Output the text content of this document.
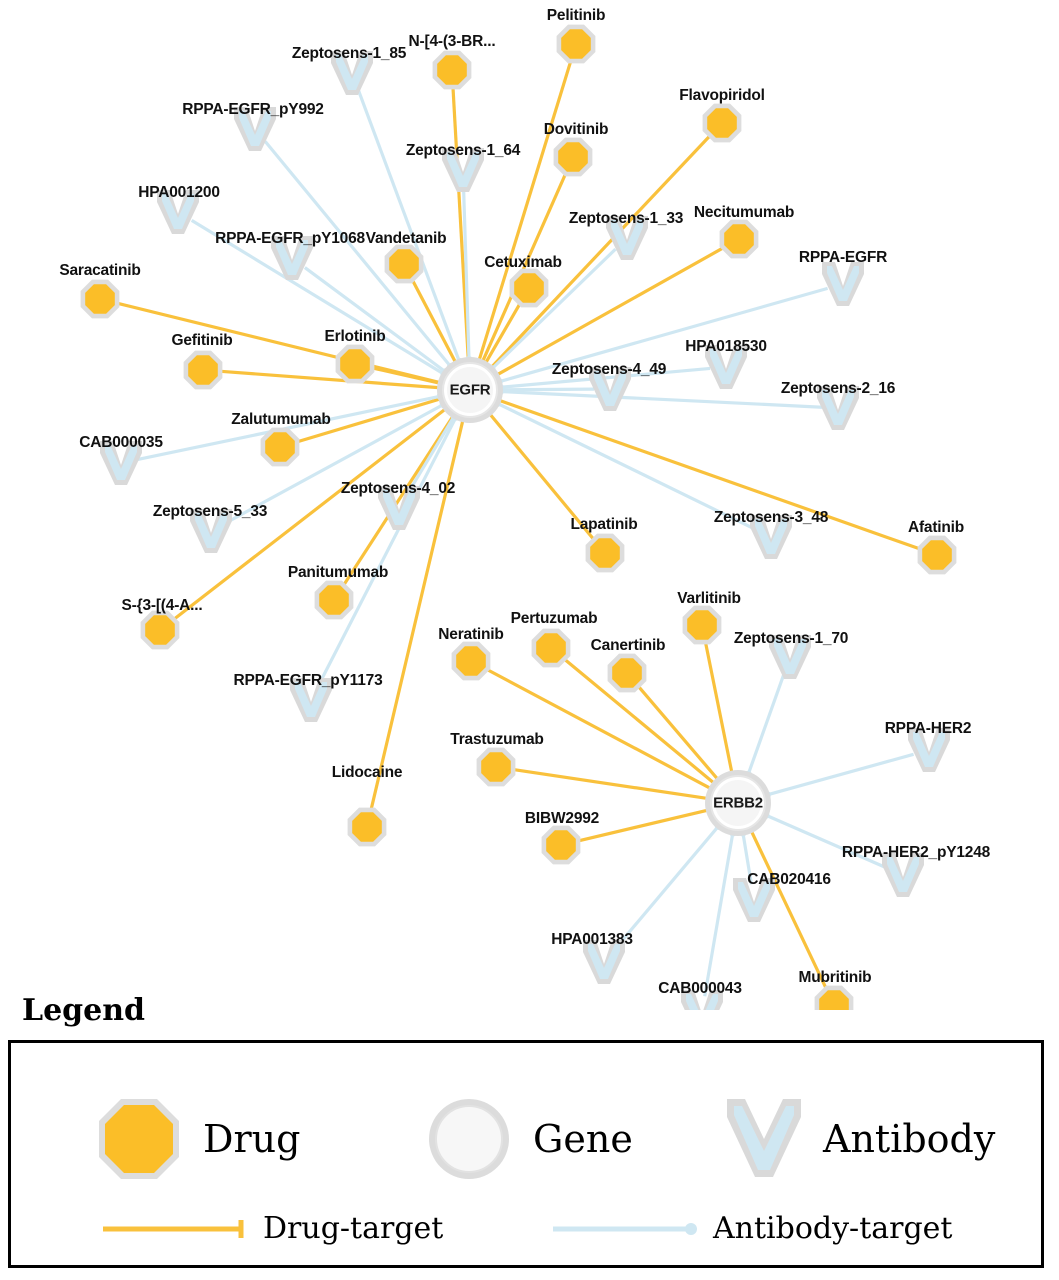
Pelitinib
N-[4-(3-BR...
Flavopiridol
Dovitinib
Necitumumab
Vandetanib
Cetuximab
Saracatinib
Erlotinib
Gefitinib
Zalutumumab
Afatinib
Lapatinib
Varlitinib
Panitumumab
S-{3-[(4-A...
Pertuzumab
Canertinib
Neratinib
Trastuzumab
Lidocaine
BIBW2992
Mubritinib
Zeptosens-1_85
RPPA-EGFR_pY992
Zeptosens-1_64
HPA001200
Zeptosens-1_33
RPPA-EGFR_pY1068
RPPA-EGFR
HPA018530
Zeptosens-4_49
Zeptosens-2_16
CAB000035
Zeptosens-4_02
Zeptosens-5_33	Zeptosens-3_48
Zeptosens-1_70
RPPA-EGFR_pY1173
RPPA-HER2
RPPA-HER2_pY1248
CAB020416
HPA001383
CAB000043
EGFR
ERBB2
Legend
Drug	Gene	Antibody
Drug-target	Antibody-target
